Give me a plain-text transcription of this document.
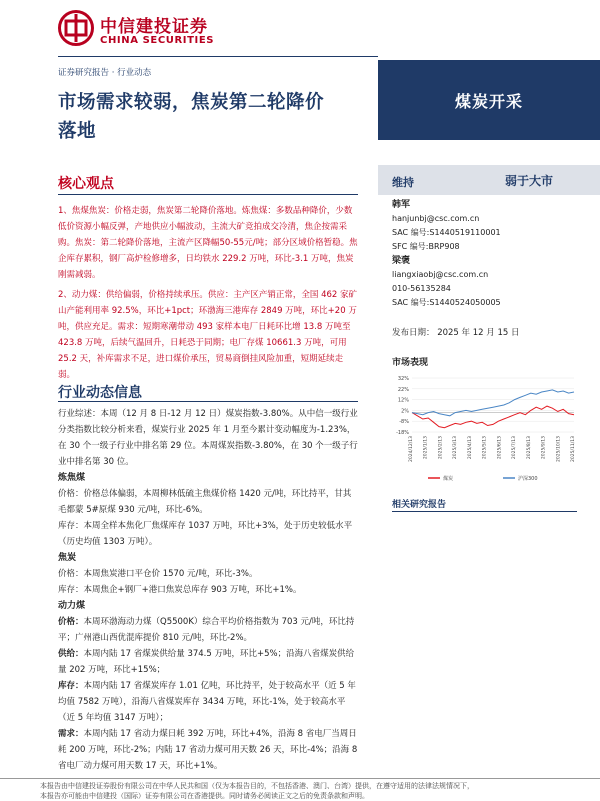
中信建投证券
CHINA SECURITIES
证券研究报告 · 行业动态
市场需求较弱，焦炭第二轮降价
落地
煤炭开采
核心观点

1、焦煤焦炭：价格走弱，焦炭第二轮降价落地。炼焦煤：多数品种降价，少数低价资源小幅反弹，产地供应小幅波动，主流大矿竞拍成交冷清，焦企按需采购。焦炭：第二轮降价落地，主流产区降幅50-55元/吨；部分区域价格暂稳。焦企库存累积，钢厂高炉检修增多，日均铁水 229.2 万吨，环比-3.1 万吨，焦炭刚需减弱。

2、动力煤：供给偏弱，价格持续承压。供应：主产区产销正常，全国 462 家矿山产能利用率 92.5%，环比+1pct；环渤海三港库存 2849 万吨，环比+20 万吨，供应充足。需求：短期寒潮带动 493 家样本电厂日耗环比增 13.8 万吨至 423.8 万吨，后续气温回升，日耗恐于同期；电厂存煤 10661.3 万吨，可用 25.2 天，补库需求不足，进口煤价承压，贸易商倒挂风险加重，短期延续走弱。

行业动态信息

行业综述：本周（12 月 8 日-12 月 12 日）煤炭指数-3.80%。从中信一级行业分类指数比较分析来看，煤炭行业 2025 年 1 月至今累计变动幅度为-1.23%，在 30 个一级子行业中排名第 29 位。本周煤炭指数-3.80%，在 30 个一级子行业中排名第 30 位。

炼焦煤

价格：价格总体偏弱，本周柳林低硫主焦煤价格 1420 元/吨，环比持平，甘其毛都蒙 5#原煤 930 元/吨，环比-6%。

库存：本周全样本焦化厂焦煤库存 1037 万吨，环比+3%，处于历史较低水平（历史均值 1303 万吨）。

焦炭

价格：本周焦炭港口平仓价 1570 元/吨，环比-3%。

库存：本周焦企+钢厂+港口焦炭总库存 903 万吨，环比+1%。

动力煤

价格：本周环渤海动力煤（Q5500K）综合平均价格指数为 703 元/吨，环比持平；广州港山西优混库提价 810 元/吨，环比-2%。

供给：本周内陆 17 省煤炭供给量 374.5 万吨，环比+5%；沿海八省煤炭供给量 202 万吨，环比+15%；

库存：本周内陆 17 省煤炭库存 1.01 亿吨，环比持平，处于较高水平（近 5 年均值 7582 万吨），沿海八省煤炭库存 3434 万吨，环比-1%，处于较高水平（近 5 年均值 3147 万吨）；

需求：本周内陆 17 省动力煤日耗 392 万吨，环比+4%，沿海 8 省电厂当周日耗 200 万吨，环比-2%；内陆 17 省动力煤可用天数 26 天，环比-4%；沿海 8 省电厂动力煤可用天数 17 天，环比+1%。

维持	弱于大市
韩军
hanjunbj@csc.com.cn
SAC 编号:S1440519110001
SFC 编号:BRP908
梁褒
liangxiaobj@csc.com.cn
010-56135284
SAC 编号:S1440524050005
发布日期： 2025 年 12 月 15 日
市场表现
32%
22%
12%
2%
-8%
-18%
2024/12/13 2025/1/13 2025/2/13 2025/3/13 2025/4/13 2025/5/13 2025/6/13 2025/7/13 2025/8/13 2025/9/13 2025/10/13 2025/11/13
煤炭	沪深300
相关研究报告
本报告由中信建投证券股份有限公司在中华人民共和国（仅为本报告目的，不包括香港、澳门、台湾）提供，在遵守适用的法律法规情况下，
本报告亦可能由中信建投（国际）证券有限公司在香港提供。同时请务必阅读正文之后的免责条款和声明。
